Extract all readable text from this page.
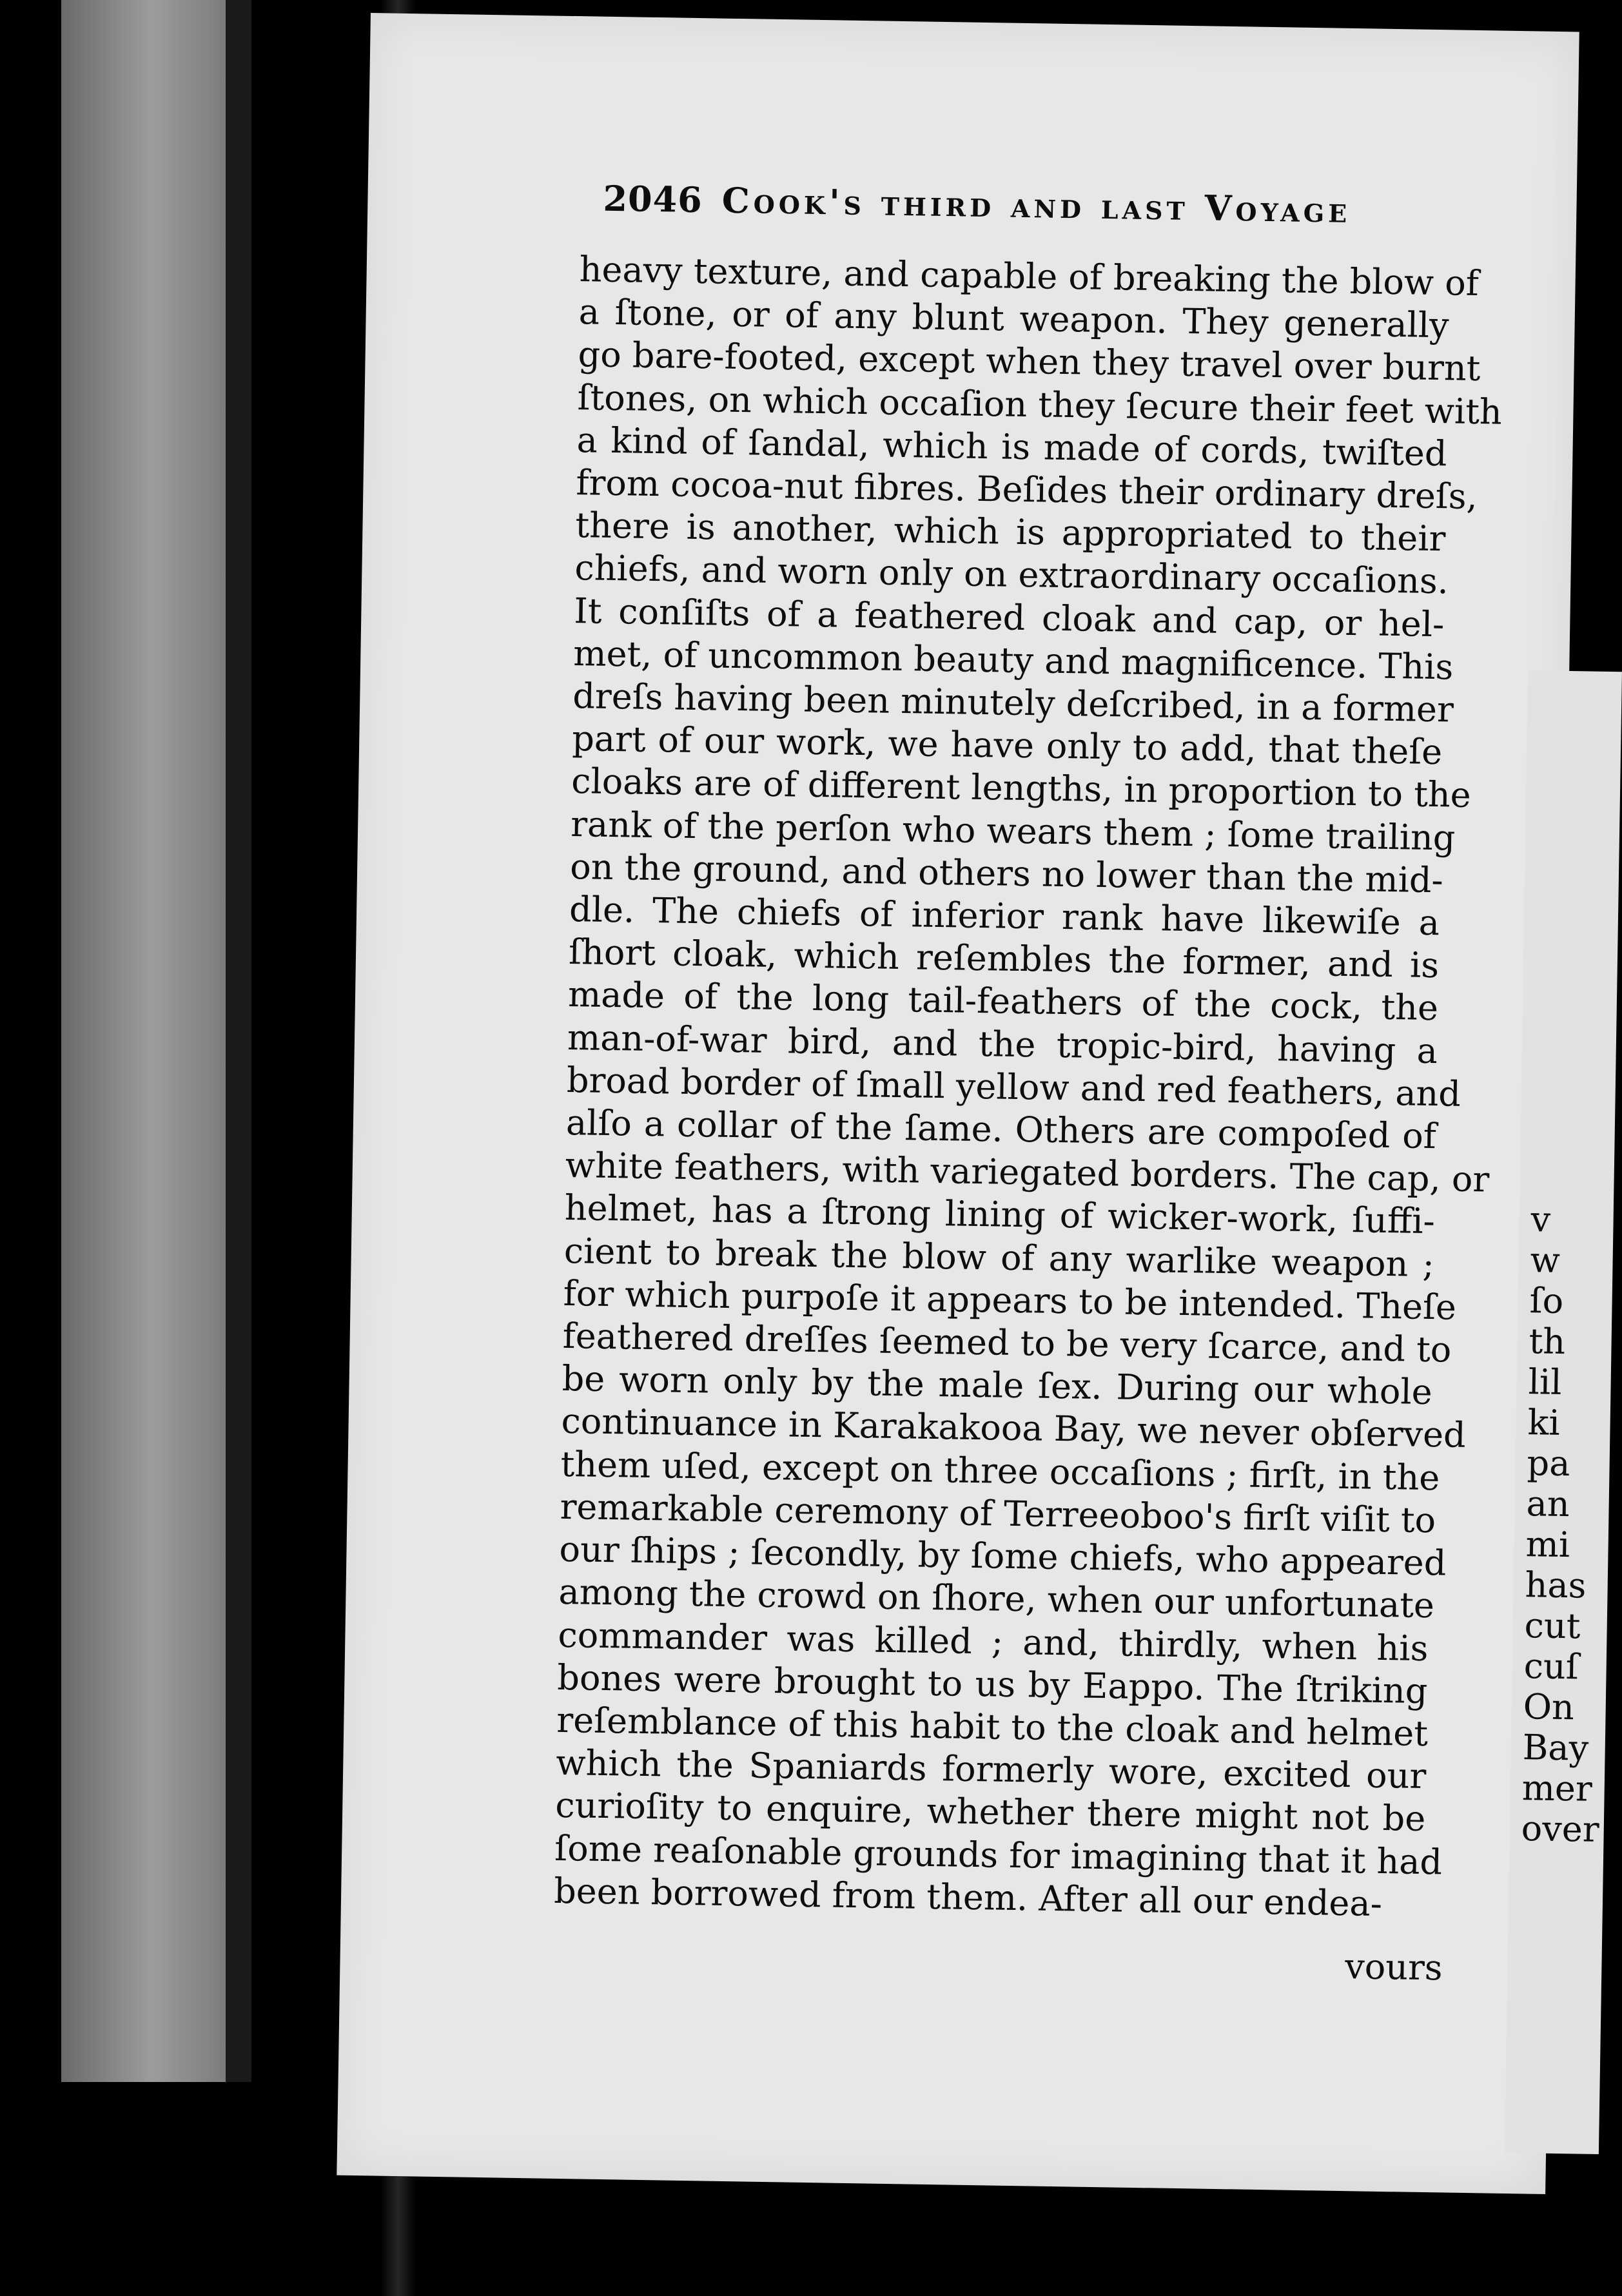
2046 Cook's third and last Voyage
heavy texture, and capable of breaking the blow of
a ſtone, or of any blunt weapon. They generally
go bare-footed, except when they travel over burnt
ſtones, on which occaſion they ſecure their feet with
a kind of ſandal, which is made of cords, twiſted
from cocoa-nut fibres. Beſides their ordinary dreſs,
there is another, which is appropriated to their
chiefs, and worn only on extraordinary occaſions.
It conſiſts of a feathered cloak and cap, or hel-
met, of uncommon beauty and magnificence. This
dreſs having been minutely deſcribed, in a former
part of our work, we have only to add, that theſe
cloaks are of different lengths, in proportion to the
rank of the perſon who wears them ; ſome trailing
on the ground, and others no lower than the mid-
dle. The chiefs of inferior rank have likewiſe a
ſhort cloak, which reſembles the former, and is
made of the long tail-feathers of the cock, the
man-of-war bird, and the tropic-bird, having a
broad border of ſmall yellow and red feathers, and
alſo a collar of the ſame. Others are compoſed of
white feathers, with variegated borders. The cap, or
helmet, has a ſtrong lining of wicker-work, ſuffi-
cient to break the blow of any warlike weapon ;
for which purpoſe it appears to be intended. Theſe
feathered dreſſes ſeemed to be very ſcarce, and to
be worn only by the male ſex. During our whole
continuance in Karakakooa Bay, we never obſerved
them uſed, except on three occaſions ; firſt, in the
remarkable ceremony of Terreeoboo's firſt viſit to
our ſhips ; ſecondly, by ſome chiefs, who appeared
among the crowd on ſhore, when our unfortunate
commander was killed ; and, thirdly, when his
bones were brought to us by Eappo. The ſtriking
reſemblance of this habit to the cloak and helmet
which the Spaniards formerly wore, excited our
curioſity to enquire, whether there might not be
ſome reaſonable grounds for imagining that it had
been borrowed from them. After all our endea-
vours
v
w
ſo
th
lil
ki
pa
an
mi
has
cut
cuſ
On
Bay
mer
over
